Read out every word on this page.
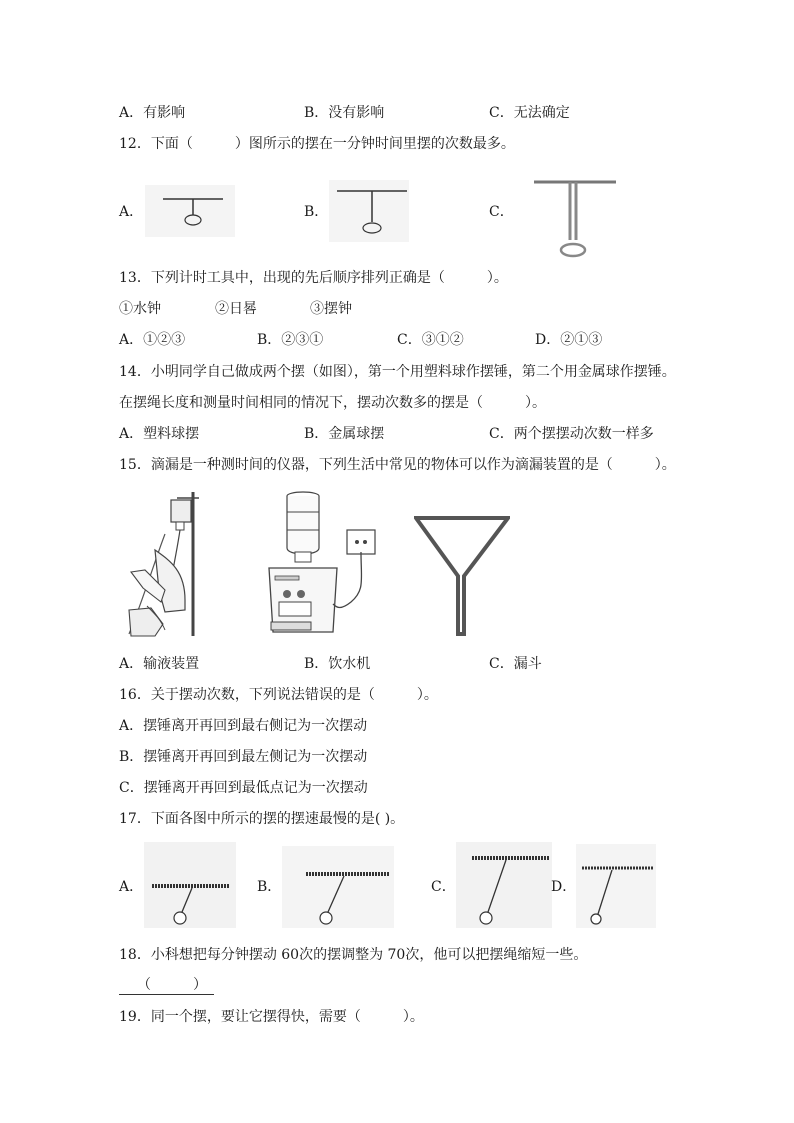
A．有影响	B．没有影响	C．无法确定
12．下面（　　　）图所示的摆在一分钟时间里摆的次数最多。
A．	B．	C．
13．下列计时工具中，出现的先后顺序排列正确是（　　　）。
①水钟	②日晷	③摆钟
A．①②③	B．②③①	C．③①②	D．②①③
14．小明同学自己做成两个摆（如图），第一个用塑料球作摆锤，第二个用金属球作摆锤。
在摆绳长度和测量时间相同的情况下，摆动次数多的摆是（　　　）。
A．塑料球摆	B．金属球摆	C．两个摆摆动次数一样多
15．滴漏是一种测时间的仪器，下列生活中常见的物体可以作为滴漏装置的是（　　　）。
A．输液装置	B．饮水机	C．漏斗
16．关于摆动次数，下列说法错误的是（　　　）。
A．摆锤离开再回到最右侧记为一次摆动
B．摆锤离开再回到最左侧记为一次摆动
C．摆锤离开再回到最低点记为一次摆动
17．下面各图中所示的摆的摆速最慢的是( )。
A．	B．	C．	D．
18．小科想把每分钟摆动 60次的摆调整为 70次，他可以把摆绳缩短一些。
（　　　）
19．同一个摆，要让它摆得快，需要（　　　）。
